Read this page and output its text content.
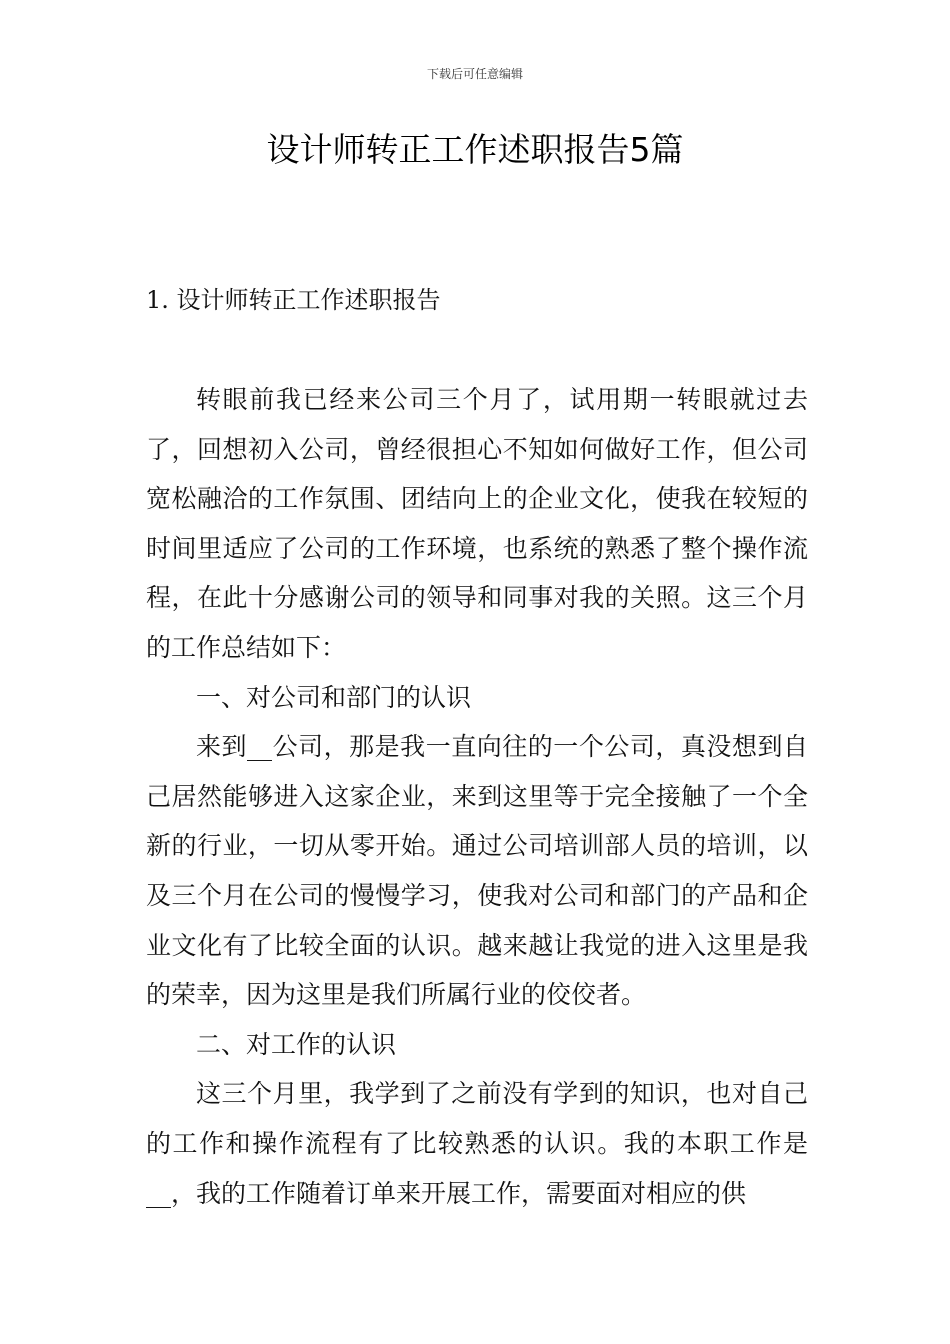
下载后可任意编辑
设计师转正工作述职报告5篇
1. 设计师转正工作述职报告

转眼前我已经来公司三个月了，试用期一转眼就过去了，回想初入公司，曾经很担心不知如何做好工作，但公司宽松融洽的工作氛围、团结向上的企业文化，使我在较短的时间里适应了公司的工作环境，也系统的熟悉了整个操作流程，在此十分感谢公司的领导和同事对我的关照。这三个月的工作总结如下：

一、对公司和部门的认识

来到__公司，那是我一直向往的一个公司，真没想到自己居然能够进入这家企业，来到这里等于完全接触了一个全新的行业，一切从零开始。通过公司培训部人员的培训，以及三个月在公司的慢慢学习，使我对公司和部门的产品和企业文化有了比较全面的认识。越来越让我觉的进入这里是我的荣幸，因为这里是我们所属行业的佼佼者。

二、对工作的认识

这三个月里，我学到了之前没有学到的知识，也对自己的工作和操作流程有了比较熟悉的认识。我的本职工作是__，我的工作随着订单来开展工作，需要面对相应的供
